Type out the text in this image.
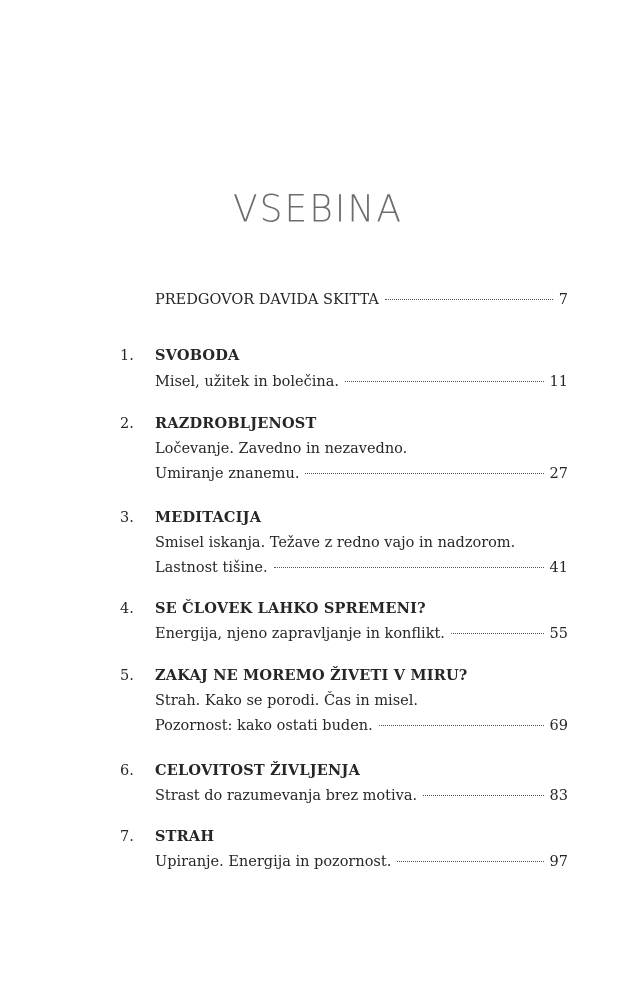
VSEBINA
PREDGOVOR DAVIDA SKITTA	7
1. SVOBODA
Misel, užitek in bolečina.	11
2. RAZDROBLJENOST
Ločevanje. Zavedno in nezavedno.
Umiranje znanemu.	27
3. MEDITACIJA
Smisel iskanja. Težave z redno vajo in nadzorom.
Lastnost tišine.	41
4. SE ČLOVEK LAHKO SPREMENI?
Energija, njeno zapravljanje in konflikt.	55
5. ZAKAJ NE MOREMO ŽIVETI V MIRU?
Strah. Kako se porodi. Čas in misel.
Pozornost: kako ostati buden.	69
6. CELOVITOST ŽIVLJENJA
Strast do razumevanja brez motiva.	83
7. STRAH
Upiranje. Energija in pozornost.	97
